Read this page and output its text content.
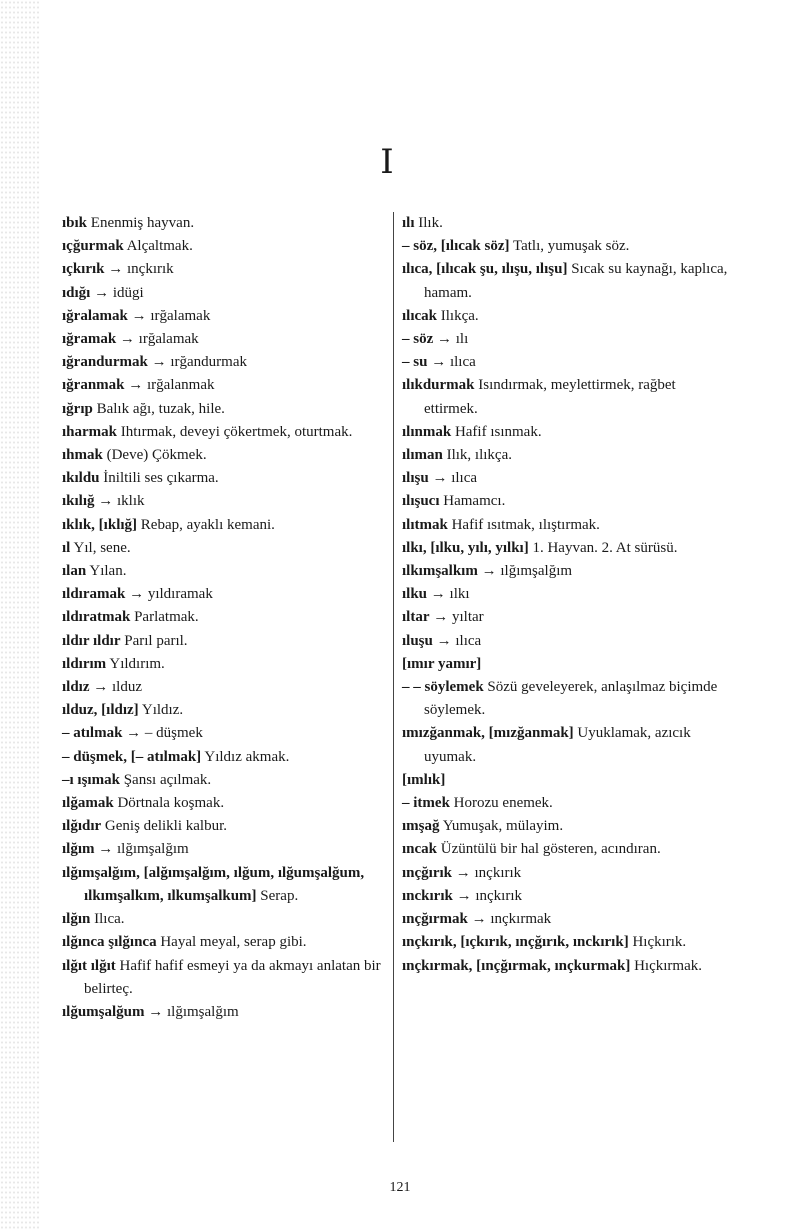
I
ıbık Enenmiş hayvan.
ıçğurmak Alçaltmak.
ıçkırık → ınçkırık
ıdığı → idügi
ığralamak → ırğalamak
ığramak → ırğalamak
ığrandurmak → ırğandurmak
ığranmak → ırğalanmak
ığrıp Balık ağı, tuzak, hile.
ıharmak Ihtırmak, deveyi çökertmek, oturtmak.
ıhmak (Deve) Çökmek.
ıkıldu İniltili ses çıkarma.
ıkılığ → ıklık
ıklık, [ıklığ] Rebap, ayaklı kemani.
ıl Yıl, sene.
ılan Yılan.
ıldıramak → yıldıramak
ıldıratmak Parlatmak.
ıldır ıldır Parıl parıl.
ıldırım Yıldırım.
ıldız → ılduz
ılduz, [ıldız] Yıldız.
– atılmak → – düşmek
– düşmek, [– atılmak] Yıldız akmak.
–ı ışımak Şansı açılmak.
ılğamak Dörtnala koşmak.
ılğıdır Geniş delikli kalbur.
ılğım → ılğımşalğım
ılğımşalğım, [alğımşalğım, ılğum, ılğumşalğum, ılkımşalkım, ılkumşalkum] Serap.
ılğın Ilıca.
ılğınca şılğınca Hayal meyal, serap gibi.
ılğıt ılğıt Hafif hafif esmeyi ya da akmayı anlatan bir belirteç.
ılğumşalğum → ılğımşalğım
ılı Ilık.
– söz, [ılıcak söz] Tatlı, yumuşak söz.
ılıca, [ılıcak şu, ılışu, ılışu] Sıcak su kaynağı, kaplıca, hamam.
ılıcak Ilıkça.
– söz → ılı
– su → ılıca
ılıkdurmak Isındırmak, meylettirmek, rağbet ettirmek.
ılınmak Hafif ısınmak.
ılıman Ilık, ılıkça.
ılışu → ılıca
ılışucı Hamamcı.
ılıtmak Hafif ısıtmak, ılıştırmak.
ılkı, [ılku, yılı, yılkı] 1. Hayvan. 2. At sürüsü.
ılkımşalkım → ılğımşalğım
ılku → ılkı
ıltar → yıltar
ıluşu → ılıca
[ımır yamır]
– – söylemek Sözü geveleyerek, anlaşılmaz biçimde söylemek.
ımızğanmak, [mızğanmak] Uyuklamak, azıcık uyumak.
[ımlık]
– itmek Horozu enemek.
ımşağ Yumuşak, mülayim.
ıncak Üzüntülü bir hal gösteren, acındıran.
ınçğırık → ınçkırık
ınckırık → ınçkırık
ınçğırmak → ınçkırmak
ınçkırık, [ıçkırık, ınçğırık, ınckırık] Hıçkırık.
ınçkırmak, [ınçğırmak, ınçkurmak] Hıçkırmak.
121
